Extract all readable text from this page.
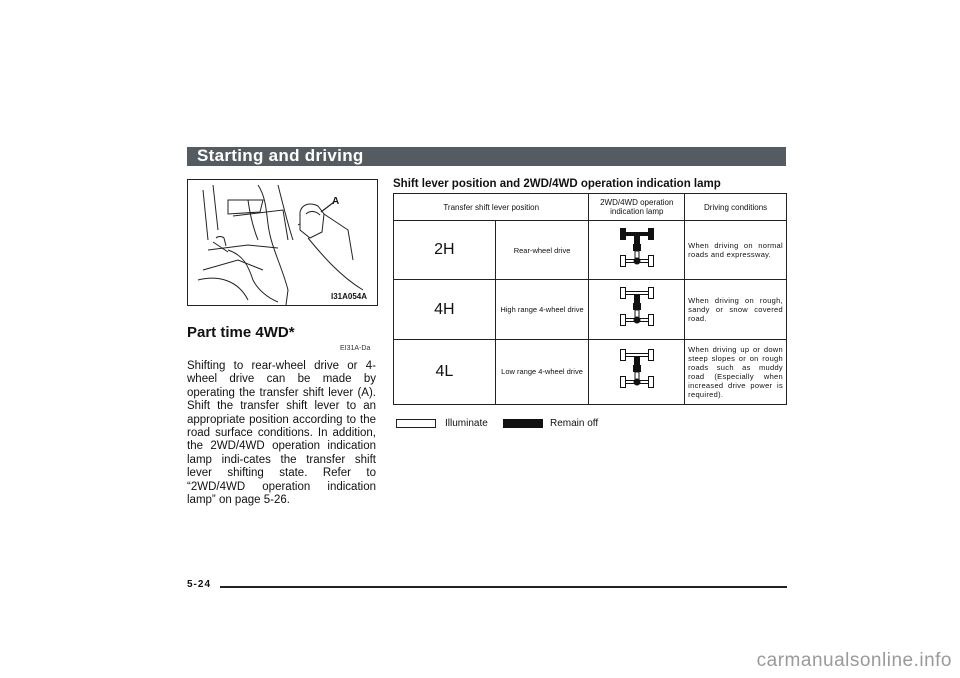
Starting and driving
A
I31A054A
Part time 4WD*
EI31A-Da
Shifting to rear-wheel drive or 4-wheel drive can be made by operating the transfer shift lever (A). Shift the transfer shift lever to an appropriate position according to the road surface conditions. In addition, the 2WD/4WD operation indication lamp indi-cates the transfer shift lever shifting state. Refer to “2WD/4WD operation indication lamp” on page 5-26.
Shift lever position and 2WD/4WD operation indication lamp
Transfer shift lever position		2WD/4WD operation indication lamp	Driving conditions
2H	Rear-wheel drive		When driving on normal roads and expressway.
4H	High range 4-wheel drive		When driving on rough, sandy or snow covered road.
4L	Low range 4-wheel drive		When driving up or down steep slopes or on rough roads such as muddy road (Especially when increased drive power is required).
Illuminate	Remain off
5-24
carmanualsonline.info
